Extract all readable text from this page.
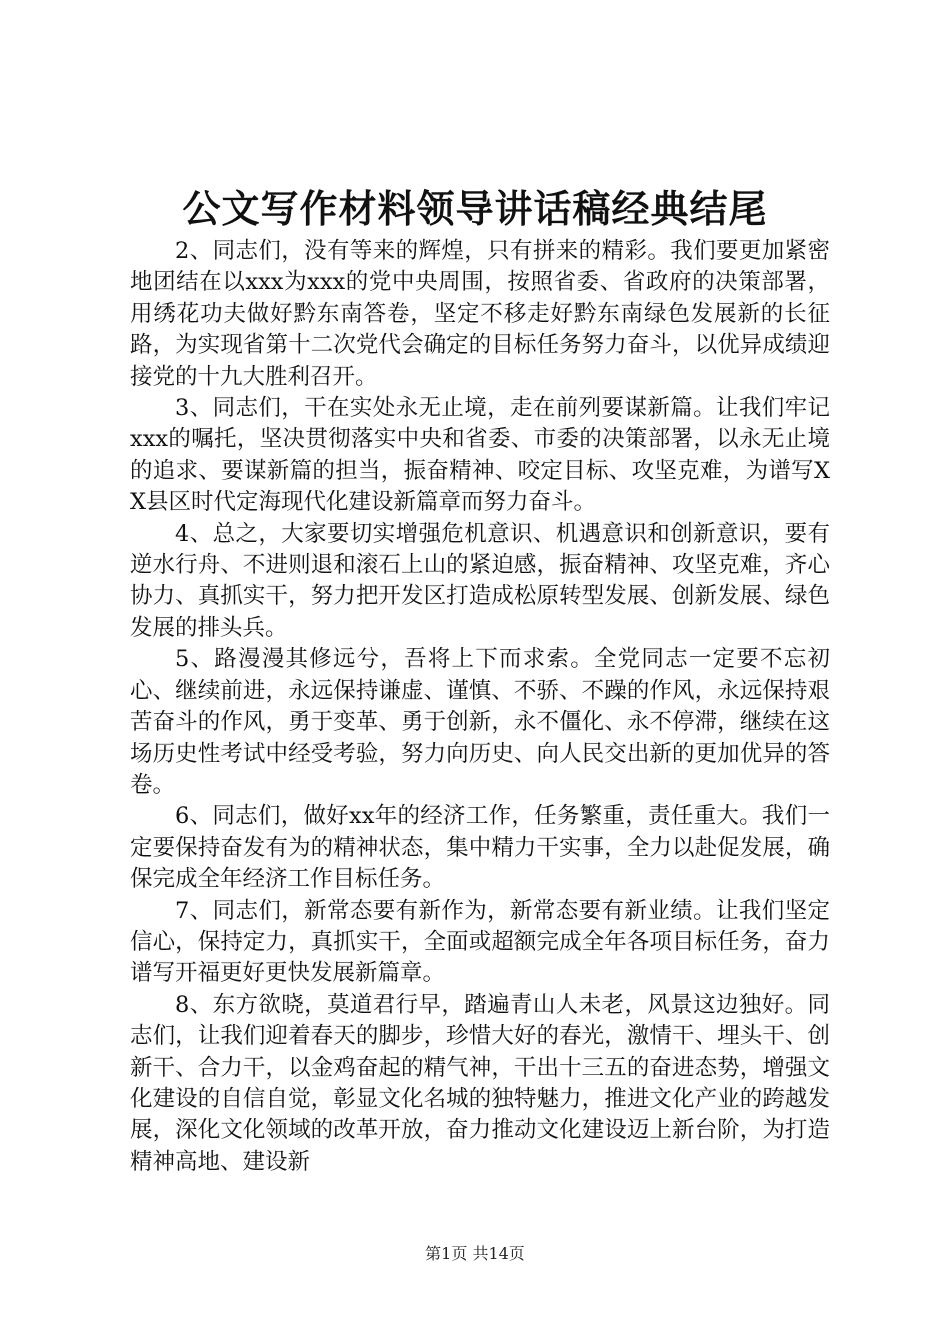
公文写作材料领导讲话稿经典结尾

2、同志们，没有等来的辉煌，只有拼来的精彩。我们要更加紧密地团结在以xxx为xxx的党中央周围，按照省委、省政府的决策部署，用绣花功夫做好黔东南答卷，坚定不移走好黔东南绿色发展新的长征路，为实现省第十二次党代会确定的目标任务努力奋斗，以优异成绩迎接党的十九大胜利召开。

3、同志们，干在实处永无止境，走在前列要谋新篇。让我们牢记xxx的嘱托，坚决贯彻落实中央和省委、市委的决策部署，以永无止境的追求、要谋新篇的担当，振奋精神、咬定目标、攻坚克难，为谱写XX县区时代定海现代化建设新篇章而努力奋斗。

4、总之，大家要切实增强危机意识、机遇意识和创新意识，要有逆水行舟、不进则退和滚石上山的紧迫感，振奋精神、攻坚克难，齐心协力、真抓实干，努力把开发区打造成松原转型发展、创新发展、绿色发展的排头兵。

5、路漫漫其修远兮，吾将上下而求索。全党同志一定要不忘初心、继续前进，永远保持谦虚、谨慎、不骄、不躁的作风，永远保持艰苦奋斗的作风，勇于变革、勇于创新，永不僵化、永不停滞，继续在这场历史性考试中经受考验，努力向历史、向人民交出新的更加优异的答卷。

6、同志们，做好xx年的经济工作，任务繁重，责任重大。我们一定要保持奋发有为的精神状态，集中精力干实事，全力以赴促发展，确保完成全年经济工作目标任务。

7、同志们，新常态要有新作为，新常态要有新业绩。让我们坚定信心，保持定力，真抓实干，全面或超额完成全年各项目标任务，奋力谱写开福更好更快发展新篇章。

8、东方欲晓，莫道君行早，踏遍青山人未老，风景这边独好。同志们，让我们迎着春天的脚步，珍惜大好的春光，激情干、埋头干、创新干、合力干，以金鸡奋起的精气神，干出十三五的奋进态势，增强文化建设的自信自觉，彰显文化名城的独特魅力，推进文化产业的跨越发展，深化文化领域的改革开放，奋力推动文化建设迈上新台阶，为打造精神高地、建设新

第1页 共14页
